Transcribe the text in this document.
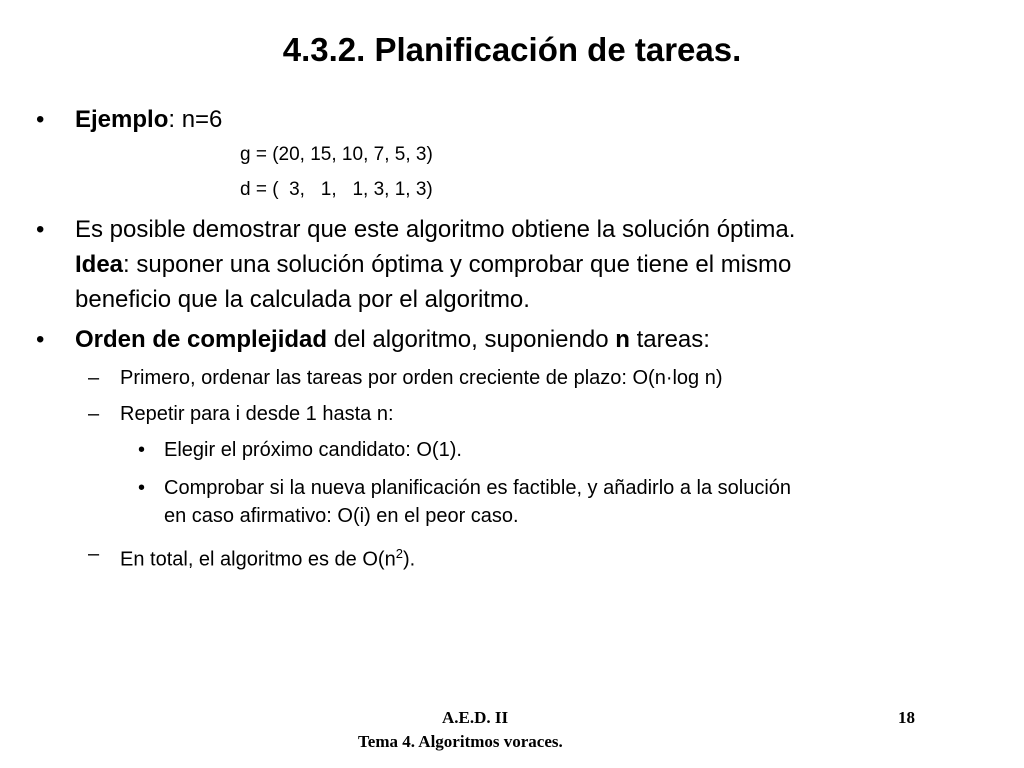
4.3.2. Planificación de tareas.
•	Ejemplo: n=6
g = (20, 15, 10, 7, 5, 3)
d = (  3,   1,   1, 3, 1, 3)
•	Es posible demostrar que este algoritmo obtiene la solución óptima.
Idea: suponer una solución óptima y comprobar que tiene el mismo
beneficio que la calculada por el algoritmo.
•	Orden de complejidad del algoritmo, suponiendo n tareas:
– Primero, ordenar las tareas por orden creciente de plazo: O(n·log n)
– Repetir para i desde 1 hasta n:
• Elegir el próximo candidato: O(1).
• Comprobar si la nueva planificación es factible, y añadirlo a la solución
en caso afirmativo: O(i) en el peor caso.
– En total, el algoritmo es de $O(n^2)$.
A.E.D. II
Tema 4. Algoritmos voraces.
18
